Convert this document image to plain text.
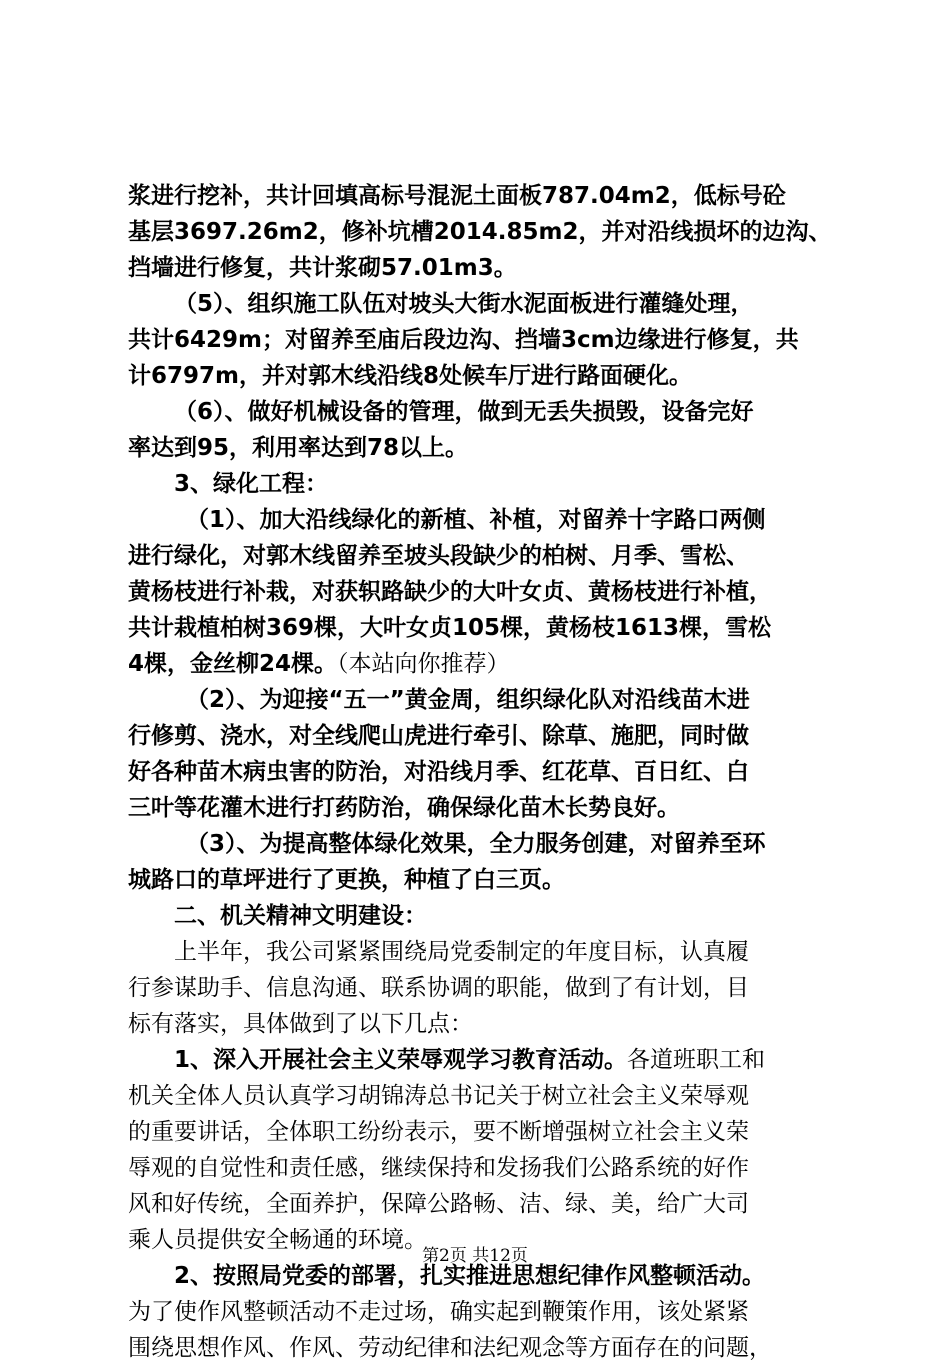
浆进行挖补，共计回填高标号混泥土面板787.04m2，低标号砼
基层3697.26m2，修补坑槽2014.85m2，并对沿线损坏的边沟、
挡墙进行修复，共计浆砌57.01m3。
（5）、组织施工队伍对坡头大街水泥面板进行灌缝处理，
共计6429m；对留养至庙后段边沟、挡墙3cm边缘进行修复，共
计6797m，并对郭木线沿线8处候车厅进行路面硬化。
（6）、做好机械设备的管理，做到无丢失损毁，设备完好
率达到95，利用率达到78以上。
3、绿化工程：
（1）、加大沿线绿化的新植、补植，对留养十字路口两侧
进行绿化，对郭木线留养至坡头段缺少的柏树、月季、雪松、
黄杨枝进行补栽，对获轵路缺少的大叶女贞、黄杨枝进行补植，
共计栽植柏树369棵，大叶女贞105棵，黄杨枝1613棵，雪松
4棵，金丝柳24棵。（本站向你推荐）
（2）、为迎接“五一”黄金周，组织绿化队对沿线苗木进
行修剪、浇水，对全线爬山虎进行牵引、除草、施肥，同时做
好各种苗木病虫害的防治，对沿线月季、红花草、百日红、白
三叶等花灌木进行打药防治，确保绿化苗木长势良好。
（3）、为提高整体绿化效果，全力服务创建，对留养至环
城路口的草坪进行了更换，种植了白三页。
二、机关精神文明建设：
上半年，我公司紧紧围绕局党委制定的年度目标，认真履
行参谋助手、信息沟通、联系协调的职能，做到了有计划，目
标有落实，具体做到了以下几点：
1、深入开展社会主义荣辱观学习教育活动。各道班职工和
机关全体人员认真学习胡锦涛总书记关于树立社会主义荣辱观
的重要讲话，全体职工纷纷表示，要不断增强树立社会主义荣
辱观的自觉性和责任感，继续保持和发扬我们公路系统的好作
风和好传统，全面养护，保障公路畅、洁、绿、美，给广大司
乘人员提供安全畅通的环境。
2、按照局党委的部署，扎实推进思想纪律作风整顿活动。
为了使作风整顿活动不走过场，确实起到鞭策作用，该处紧紧
围绕思想作风、作风、劳动纪律和法纪观念等方面存在的问题，
第2页 共12页
